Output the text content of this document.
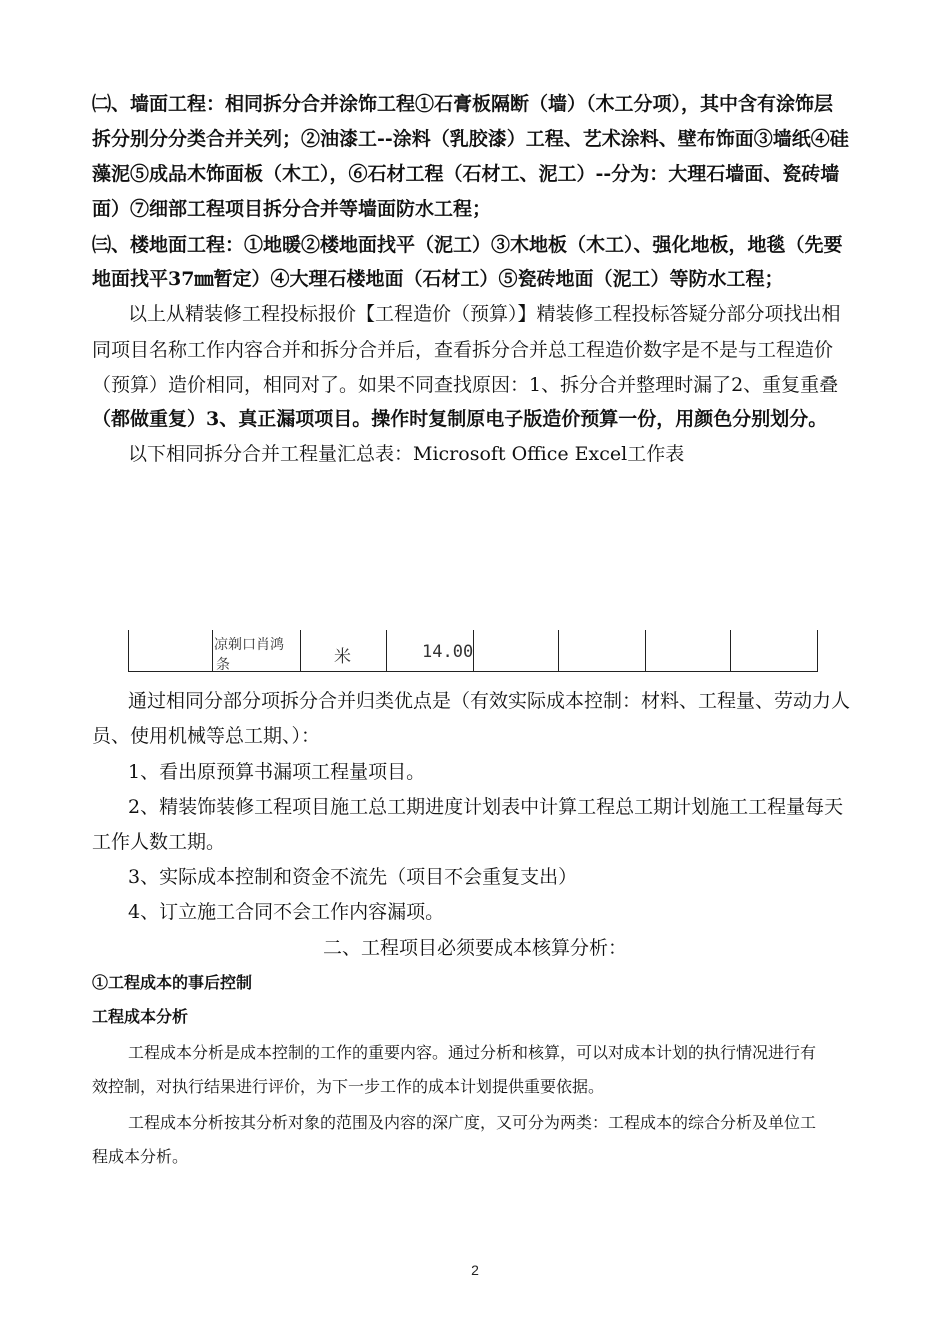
㈡、墙面工程：相同拆分合并涂饰工程①石膏板隔断（墙）（木工分项），其中含有涂饰层
拆分别分分类合并关列；②油漆工--涂料（乳胶漆）工程、艺术涂料、壁布饰面③墙纸④硅
藻泥⑤成品木饰面板（木工），⑥石材工程（石材工、泥工）--分为：大理石墙面、瓷砖墙
面）⑦细部工程项目拆分合并等墙面防水工程；
㈢、楼地面工程：①地暖②楼地面找平（泥工）③木地板（木工）、强化地板，地毯（先要
地面找平37㎜暂定）④大理石楼地面（石材工）⑤瓷砖地面（泥工）等防水工程；
以上从精装修工程投标报价【工程造价（预算）】精装修工程投标答疑分部分项找出相
同项目名称工作内容合并和拆分合并后，查看拆分合并总工程造价数字是不是与工程造价
（预算）造价相同，相同对了。如果不同查找原因：1、拆分合并整理时漏了2、重复重叠
（都做重复）3、真正漏项项目。操作时复制原电子版造价预算一份，用颜色分别划分。
以下相同拆分合并工程量汇总表：Microsoft Office Excel工作表
凉剃口肖鸿
条	米	14.00
通过相同分部分项拆分合并归类优点是（有效实际成本控制：材料、工程量、劳动力人
员、使用机械等总工期、）：
1、看出原预算书漏项工程量项目。
2、精装饰装修工程项目施工总工期进度计划表中计算工程总工期计划施工工程量每天
工作人数工期。
3、实际成本控制和资金不流先（项目不会重复支出）
4、订立施工合同不会工作内容漏项。
二、工程项目必须要成本核算分析：
①工程成本的事后控制
工程成本分析
工程成本分析是成本控制的工作的重要内容。通过分析和核算，可以对成本计划的执行情况进行有
效控制，对执行结果进行评价，为下一步工作的成本计划提供重要依据。
工程成本分析按其分析对象的范围及内容的深广度，又可分为两类：工程成本的综合分析及单位工
程成本分析。
2
